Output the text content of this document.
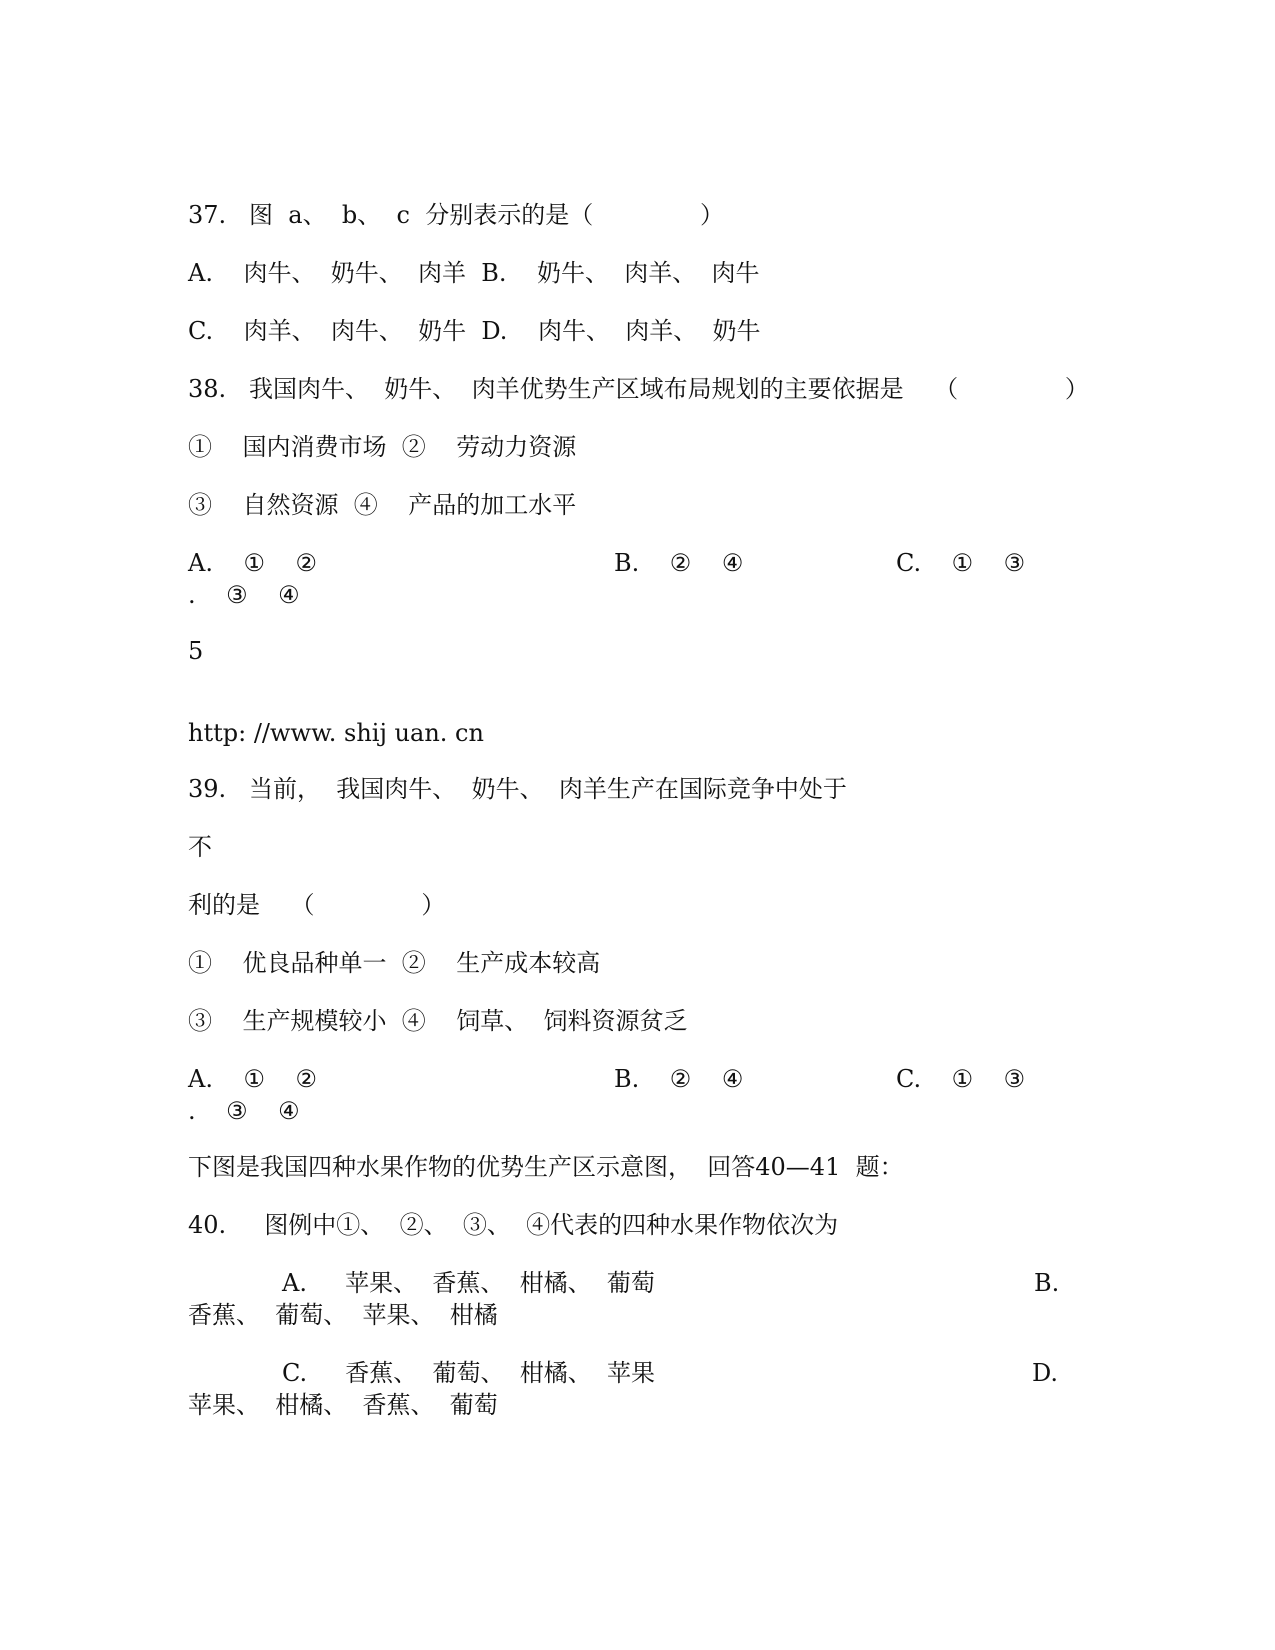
37.   图  a、  b、  c  分别表示的是（              ）
A.    肉牛、  奶牛、  肉羊  B.    奶牛、  肉羊、  肉牛
C.    肉羊、  肉牛、  奶牛  D.    肉牛、  肉羊、  奶牛
38.   我国肉牛、  奶牛、  肉羊优势生产区域布局规划的主要依据是    （              ）
①    国内消费市场  ②    劳动力资源
③    自然资源  ④    产品的加工水平
A.    ①    ②	B.    ②    ④	C.    ①    ③
.    ③    ④
5
http: //www. shij uan. cn
39.   当前，  我国肉牛、  奶牛、  肉羊生产在国际竞争中处于
不
利的是    （              ）
①    优良品种单一  ②    生产成本较高
③    生产规模较小  ④    饲草、  饲料资源贫乏
A.    ①    ②	B.    ②    ④	C.    ①    ③
.    ③    ④
下图是我国四种水果作物的优势生产区示意图，  回答40—41  题：
40.     图例中①、  ②、  ③、  ④代表的四种水果作物依次为
A.     苹果、  香蕉、  柑橘、  葡萄	B.
香蕉、  葡萄、  苹果、  柑橘
C.     香蕉、  葡萄、  柑橘、  苹果	D.
苹果、  柑橘、  香蕉、  葡萄
